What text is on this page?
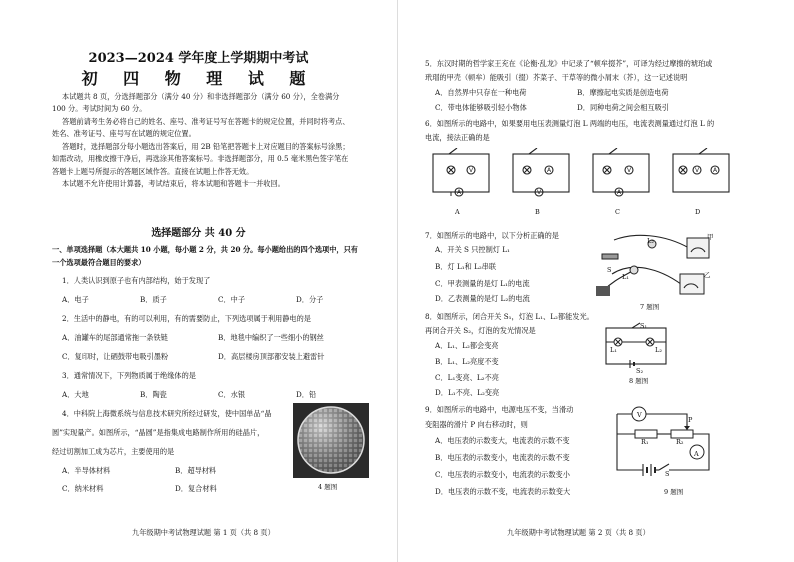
2023—2024 学年度上学期期中考试
初 四 物 理 试 题
本试题共 8 页，分选择题部分（满分 40 分）和非选择题部分（满分 60 分），全卷满分
100 分。考试时间为 60 分。
答题前请考生务必将自己的姓名、座号、准考证号写在答题卡的规定位置，并同时将考点、
姓名、准考证号、座号写在试题的规定位置。
答题时，选择题部分每小题选出答案后，用 2B 铅笔把答题卡上对应题目的答案标号涂黑；
如需改动，用橡皮擦干净后，再选涂其他答案标号。非选择题部分，用 0.5 毫米黑色签字笔在
答题卡上题号所提示的答题区域作答。直接在试题上作答无效。
本试题不允许使用计算器，考试结束后，将本试题和答题卡一并收回。
选择题部分 共 40 分
一、单项选择题（本大题共 10 小题，每小题 2 分，共 20 分。每小题给出的四个选项中，只有
一个选项最符合题目的要求）
1．人类认识到原子也有内部结构，始于发现了
A．电子	B．质子	C．中子	D．分子
2．生活中的静电，有的可以利用，有的需要防止，下列选项属于利用静电的是
A．油罐车的尾部通常拖一条铁链	B．地毯中编织了一些细小的钢丝
C．复印时，让硒鼓带电吸引墨粉	D．高层楼房顶部都安装上避雷针
3．通常情况下，下列物质属于绝缘体的是
A．大地	B．陶瓷	C．水银	D．铅
4．中科院上海微系统与信息技术研究所经过研发，使中国单品“晶
圆”实现量产。如图所示，“晶圆”是指集成电路制作所用的硅晶片，
经过切割加工成为芯片，主要使用的是
A．半导体材料	B．超导材料
C．纳米材料	D．复合材料	4 题图
九年级期中考试物理试题 第 1 页（共 8 页）
5．东汉时期的哲学家王充在《论衡·乱龙》中记录了“顿牟掇芥”，可译为经过摩擦的琥珀或
玳瑁的甲壳（顿牟）能吸引（掇）芥菜子、干草等的微小屑末（芥），这一记述说明
A．自然界中只存在一种电荷	B．摩擦起电实质是创造电荷
C．带电体能够吸引轻小物体	D．同种电荷之间会相互吸引
6．如图所示的电路中，如果要用电压表测量灯泡 L 两端的电压，电流表测量通过灯泡 L 的
电流，接法正确的是
V
A
A
V
V
A
V A
A	B	C	D
7．如图所示的电路中，以下分析正确的是
A．开关 S 只控制灯 L₁
B．灯 L₁和 L₂串联
C．甲表测量的是灯 L₁的电流
D．乙表测量的是灯 L₂的电流
L₂
L₁
S
甲
乙
7 题图
8．如图所示，闭合开关 S₁，灯泡 L₁、L₂都能发光。
再闭合开关 S₂，灯泡的发光情况是
A．L₁、L₂都会变亮
B．L₁、L₂亮度不变
C．L₁变亮、L₂不亮
D．L₁不亮、L₂变亮
S₁
L₁	L₂
S₂
8 题图
9．如图所示的电路中，电源电压不变，当滑动
变阻器的滑片 P 向右移动时，则
A．电压表的示数变大，电流表的示数不变
B．电压表的示数变小，电流表的示数不变
C．电压表的示数变小，电流表的示数变小
D．电压表的示数不变，电流表的示数变大
V
P
R₁	R₂
A
S
9 题图
九年级期中考试物理试题 第 2 页（共 8 页）
